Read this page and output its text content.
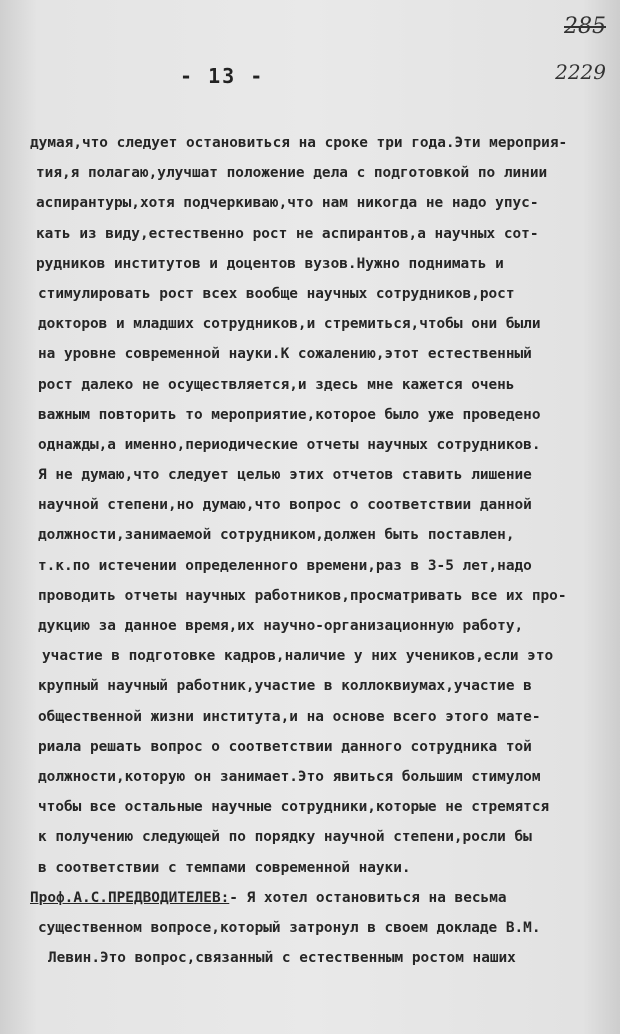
- 13 -
285
2229
думая,что следует остановиться на сроке три года.Эти мероприя-
тия,я полагаю,улучшат положение дела с подготовкой по линии
аспирантуры,хотя подчеркиваю,что нам никогда не надо упус-
кать из виду,естественно рост не аспирантов,а научных сот-
рудников институтов и доцентов вузов.Нужно поднимать и
стимулировать рост всех вообще научных сотрудников,рост
докторов и младших сотрудников,и стремиться,чтобы они были
на уровне современной науки.К сожалению,этот естественный
рост далеко не осуществляется,и здесь мне кажется очень
важным повторить то мероприятие,которое было уже проведено
однажды,а именно,периодические отчеты научных сотрудников.
Я не думаю,что следует целью этих отчетов ставить лишение
научной степени,но думаю,что вопрос о соответствии данной
должности,занимаемой сотрудником,должен быть поставлен,
т.к.по истечении определенного времени,раз в 3-5 лет,надо
проводить отчеты научных работников,просматривать все их про-
дукцию за данное время,их научно-организационную работу,
участие в подготовке кадров,наличие у них учеников,если это
крупный научный работник,участие в коллоквиумах,участие в
общественной жизни института,и на основе всего этого мате-
риала решать вопрос о соответствии данного сотрудника той
должности,которую он занимает.Это явиться большим стимулом
чтобы все остальные научные сотрудники,которые не стремятся
к получению следующей по порядку научной степени,росли бы
в соответствии с темпами современной науки.
Проф.А.С.ПРЕДВОДИТЕЛЕВ:- Я хотел остановиться на весьма
существенном вопросе,который затронул в своем докладе В.М.
Левин.Это вопрос,связанный с естественным ростом наших
